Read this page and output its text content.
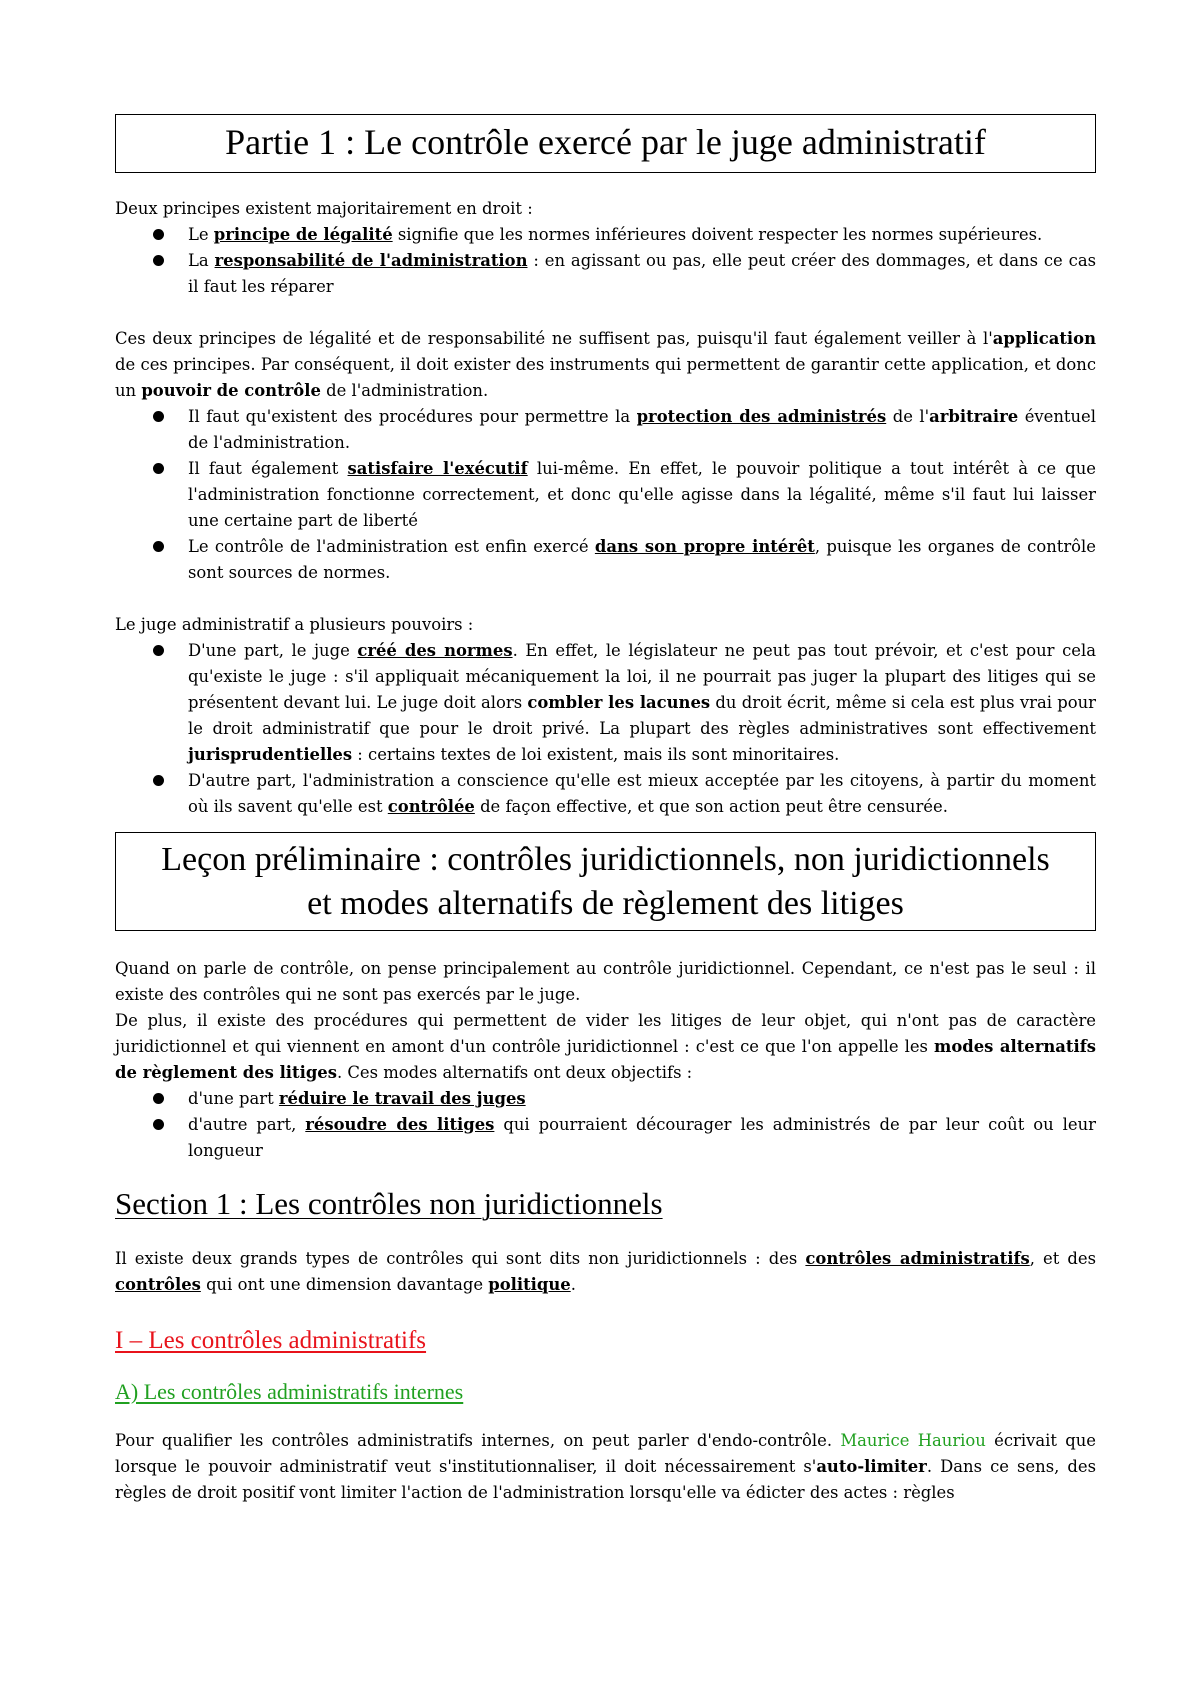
Partie 1 : Le contrôle exercé par le juge administratif

Deux principes existent majoritairement en droit :

Le principe de légalité signifie que les normes inférieures doivent respecter les normes supérieures.
La responsabilité de l'administration : en agissant ou pas, elle peut créer des dommages, et dans ce cas il faut les réparer

Ces deux principes de légalité et de responsabilité ne suffisent pas, puisqu'il faut également veiller à l'application de ces principes. Par conséquent, il doit exister des instruments qui permettent de garantir cette application, et donc un pouvoir de contrôle de l'administration.

Il faut qu'existent des procédures pour permettre la protection des administrés de l'arbitraire éventuel de l'administration.
Il faut également satisfaire l'exécutif lui-même. En effet, le pouvoir politique a tout intérêt à ce que l'administration fonctionne correctement, et donc qu'elle agisse dans la légalité, même s'il faut lui laisser une certaine part de liberté
Le contrôle de l'administration est enfin exercé dans son propre intérêt, puisque les organes de contrôle sont sources de normes.

Le juge administratif a plusieurs pouvoirs :

D'une part, le juge créé des normes. En effet, le législateur ne peut pas tout prévoir, et c'est pour cela qu'existe le juge : s'il appliquait mécaniquement la loi, il ne pourrait pas juger la plupart des litiges qui se présentent devant lui. Le juge doit alors combler les lacunes du droit écrit, même si cela est plus vrai pour le droit administratif que pour le droit privé. La plupart des règles administratives sont effectivement jurisprudentielles : certains textes de loi existent, mais ils sont minoritaires.
D'autre part, l'administration a conscience qu'elle est mieux acceptée par les citoyens, à partir du moment où ils savent qu'elle est contrôlée de façon effective, et que son action peut être censurée.
Leçon préliminaire : contrôles juridictionnels, non juridictionnels
et modes alternatifs de règlement des litiges

Quand on parle de contrôle, on pense principalement au contrôle juridictionnel. Cependant, ce n'est pas le seul : il existe des contrôles qui ne sont pas exercés par le juge.

De plus, il existe des procédures qui permettent de vider les litiges de leur objet, qui n'ont pas de caractère juridictionnel et qui viennent en amont d'un contrôle juridictionnel : c'est ce que l'on appelle les modes alternatifs de règlement des litiges. Ces modes alternatifs ont deux objectifs :

d'une part réduire le travail des juges
d'autre part, résoudre des litiges qui pourraient décourager les administrés de par leur coût ou leur longueur
Section 1 : Les contrôles non juridictionnels

Il existe deux grands types de contrôles qui sont dits non juridictionnels : des contrôles administratifs, et des contrôles qui ont une dimension davantage politique.

I – Les contrôles administratifs
A) Les contrôles administratifs internes

Pour qualifier les contrôles administratifs internes, on peut parler d'endo-contrôle. Maurice Hauriou écrivait que lorsque le pouvoir administratif veut s'institutionnaliser, il doit nécessairement s'auto-limiter. Dans ce sens, des règles de droit positif vont limiter l'action de l'administration lorsqu'elle va édicter des actes : règles
